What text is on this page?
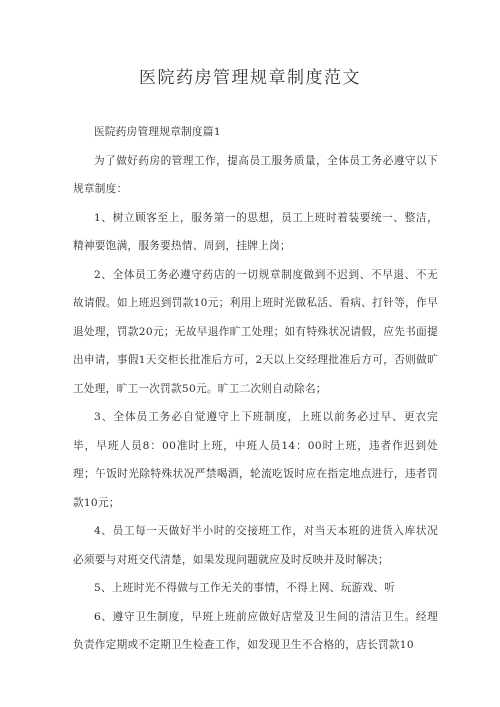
医院药房管理规章制度范文

医院药房管理规章制度篇1

为了做好药房的管理工作，提高员工服务质量，全体员工务必遵守以下规章制度：

1、树立顾客至上，服务第一的思想，员工上班时着装要统一、整洁，精神要饱满，服务要热情、周到，挂牌上岗；

2、全体员工务必遵守药店的一切规章制度做到不迟到、不早退、不无故请假。如上班迟到罚款10元；利用上班时光做私活、看病、打针等，作早退处理，罚款20元；无故早退作旷工处理；如有特殊状况请假，应先书面提出申请，事假1天交柜长批准后方可，2天以上交经理批准后方可，否则做旷工处理，旷工一次罚款50元。旷工二次则自动除名；

3、全体员工务必自觉遵守上下班制度，上班以前务必过早、更衣完毕，早班人员8：00准时上班，中班人员14：00时上班，违者作迟到处理；午饭时光除特殊状况严禁喝酒，轮流吃饭时应在指定地点进行，违者罚款10元；

4、员工每一天做好半小时的交接班工作，对当天本班的进货入库状况必须要与对班交代清楚，如果发现问题就应及时反映并及时解决；

5、上班时光不得做与工作无关的事情，不得上网、玩游戏、听

6、遵守卫生制度，早班上班前应做好店堂及卫生间的清洁卫生。经理负责作定期或不定期卫生检查工作，如发现卫生不合格的，店长罚款10
